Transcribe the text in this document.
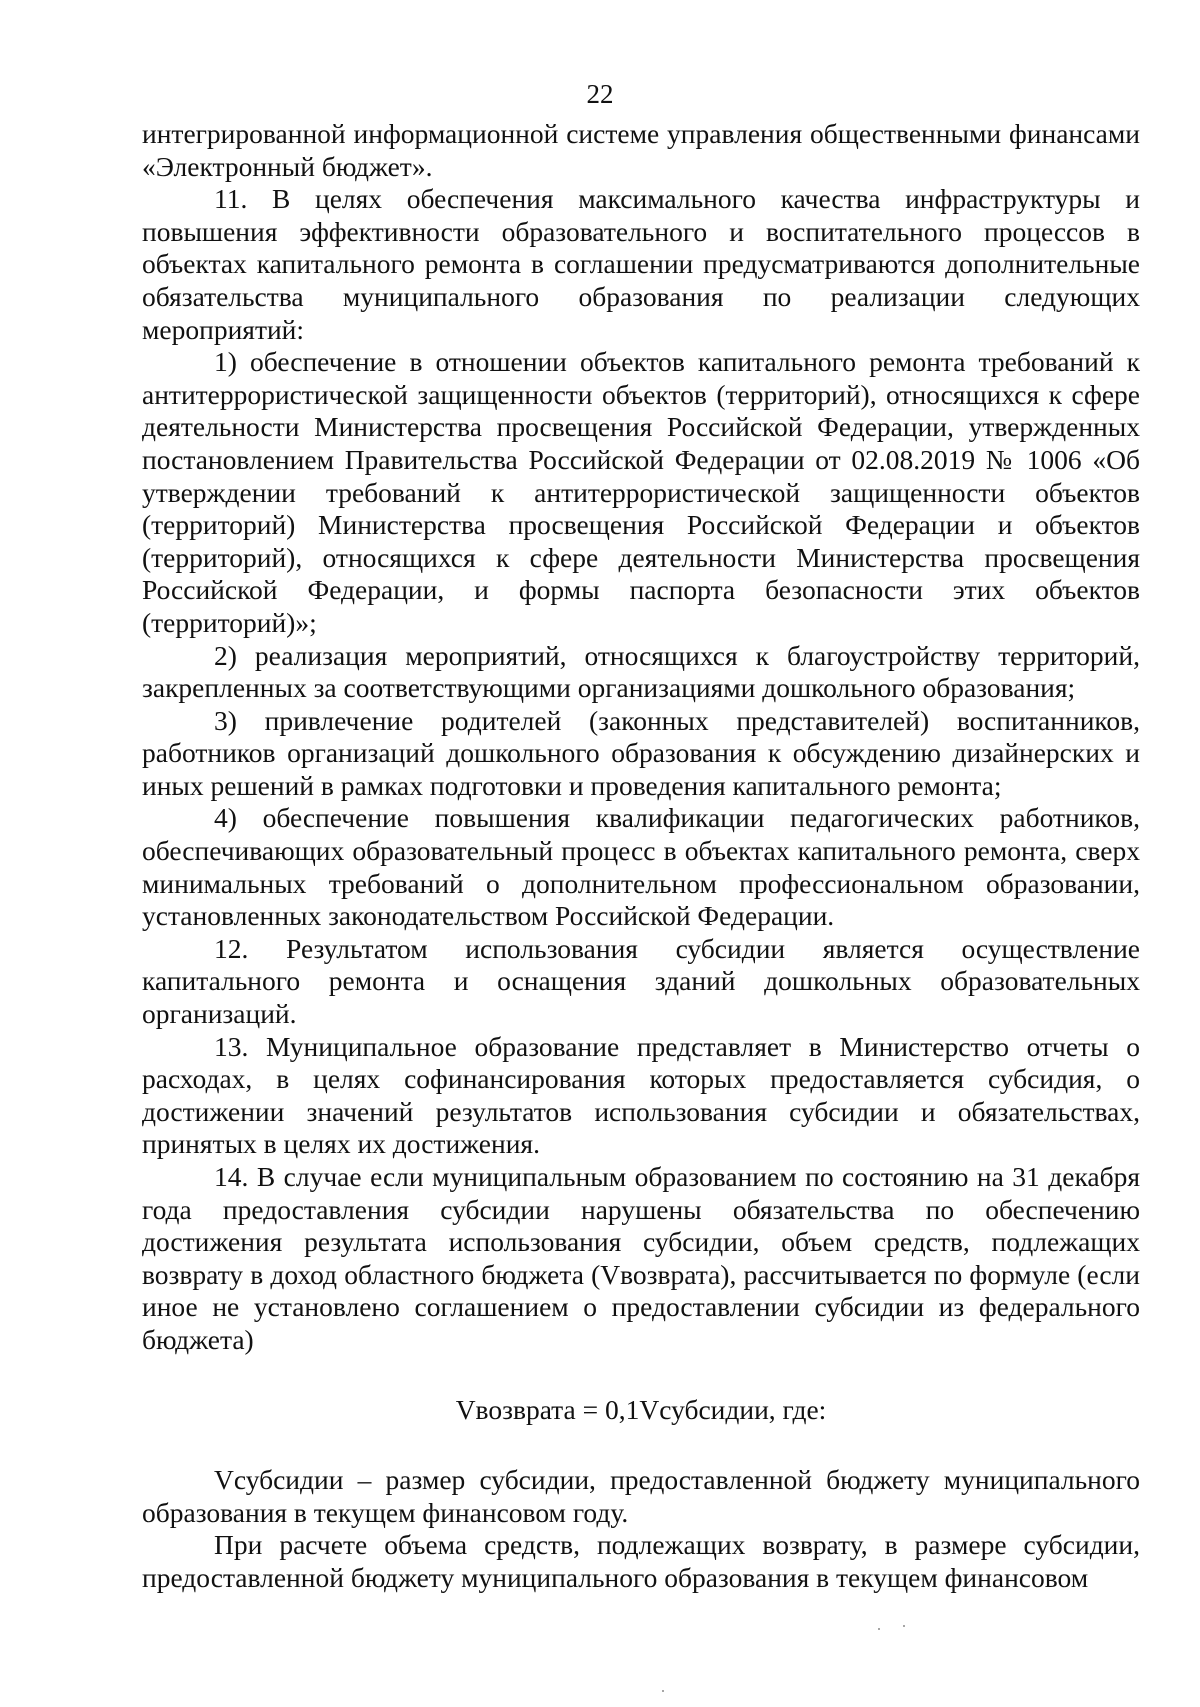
22

интегрированной информационной системе управления общественными финансами «Электронный бюджет».

11. В целях обеспечения максимального качества инфраструктуры и повышения эффективности образовательного и воспитательного процессов в объектах капитального ремонта в соглашении предусматриваются дополнительные обязательства муниципального образования по реализации следующих мероприятий:

1) обеспечение в отношении объектов капитального ремонта требований к антитеррористической защищенности объектов (территорий), относящихся к сфере деятельности Министерства просвещения Российской Федерации, утвержденных постановлением Правительства Российской Федерации от 02.08.2019 № 1006 «Об утверждении требований к антитеррористической защищенности объектов (территорий) Министерства просвещения Российской Федерации и объектов (территорий), относящихся к сфере деятельности Министерства просвещения Российской Федерации, и формы паспорта безопасности этих объектов (территорий)»;

2) реализация мероприятий, относящихся к благоустройству территорий, закрепленных за соответствующими организациями дошкольного образования;

3) привлечение родителей (законных представителей) воспитанников, работников организаций дошкольного образования к обсуждению дизайнерских и иных решений в рамках подготовки и проведения капитального ремонта;

4) обеспечение повышения квалификации педагогических работников, обеспечивающих образовательный процесс в объектах капитального ремонта, сверх минимальных требований о дополнительном профессиональном образовании, установленных законодательством Российской Федерации.

12. Результатом использования субсидии является осуществление капитального ремонта и оснащения зданий дошкольных образовательных организаций.

13. Муниципальное образование представляет в Министерство отчеты о расходах, в целях софинансирования которых предоставляется субсидия, о достижении значений результатов использования субсидии и обязательствах, принятых в целях их достижения.

14. В случае если муниципальным образованием по состоянию на 31 декабря года предоставления субсидии нарушены обязательства по обеспечению достижения результата использования субсидии, объем средств, подлежащих возврату в доход областного бюджета (Vвозврата), рассчитывается по формуле (если иное не установлено соглашением о предоставлении субсидии из федерального бюджета)

Vвозврата = 0,1Vсубсидии, где:

Vсубсидии – размер субсидии, предоставленной бюджету муниципального образования в текущем финансовом году.

При расчете объема средств, подлежащих возврату, в размере субсидии, предоставленной бюджету муниципального образования в текущем финансовом
